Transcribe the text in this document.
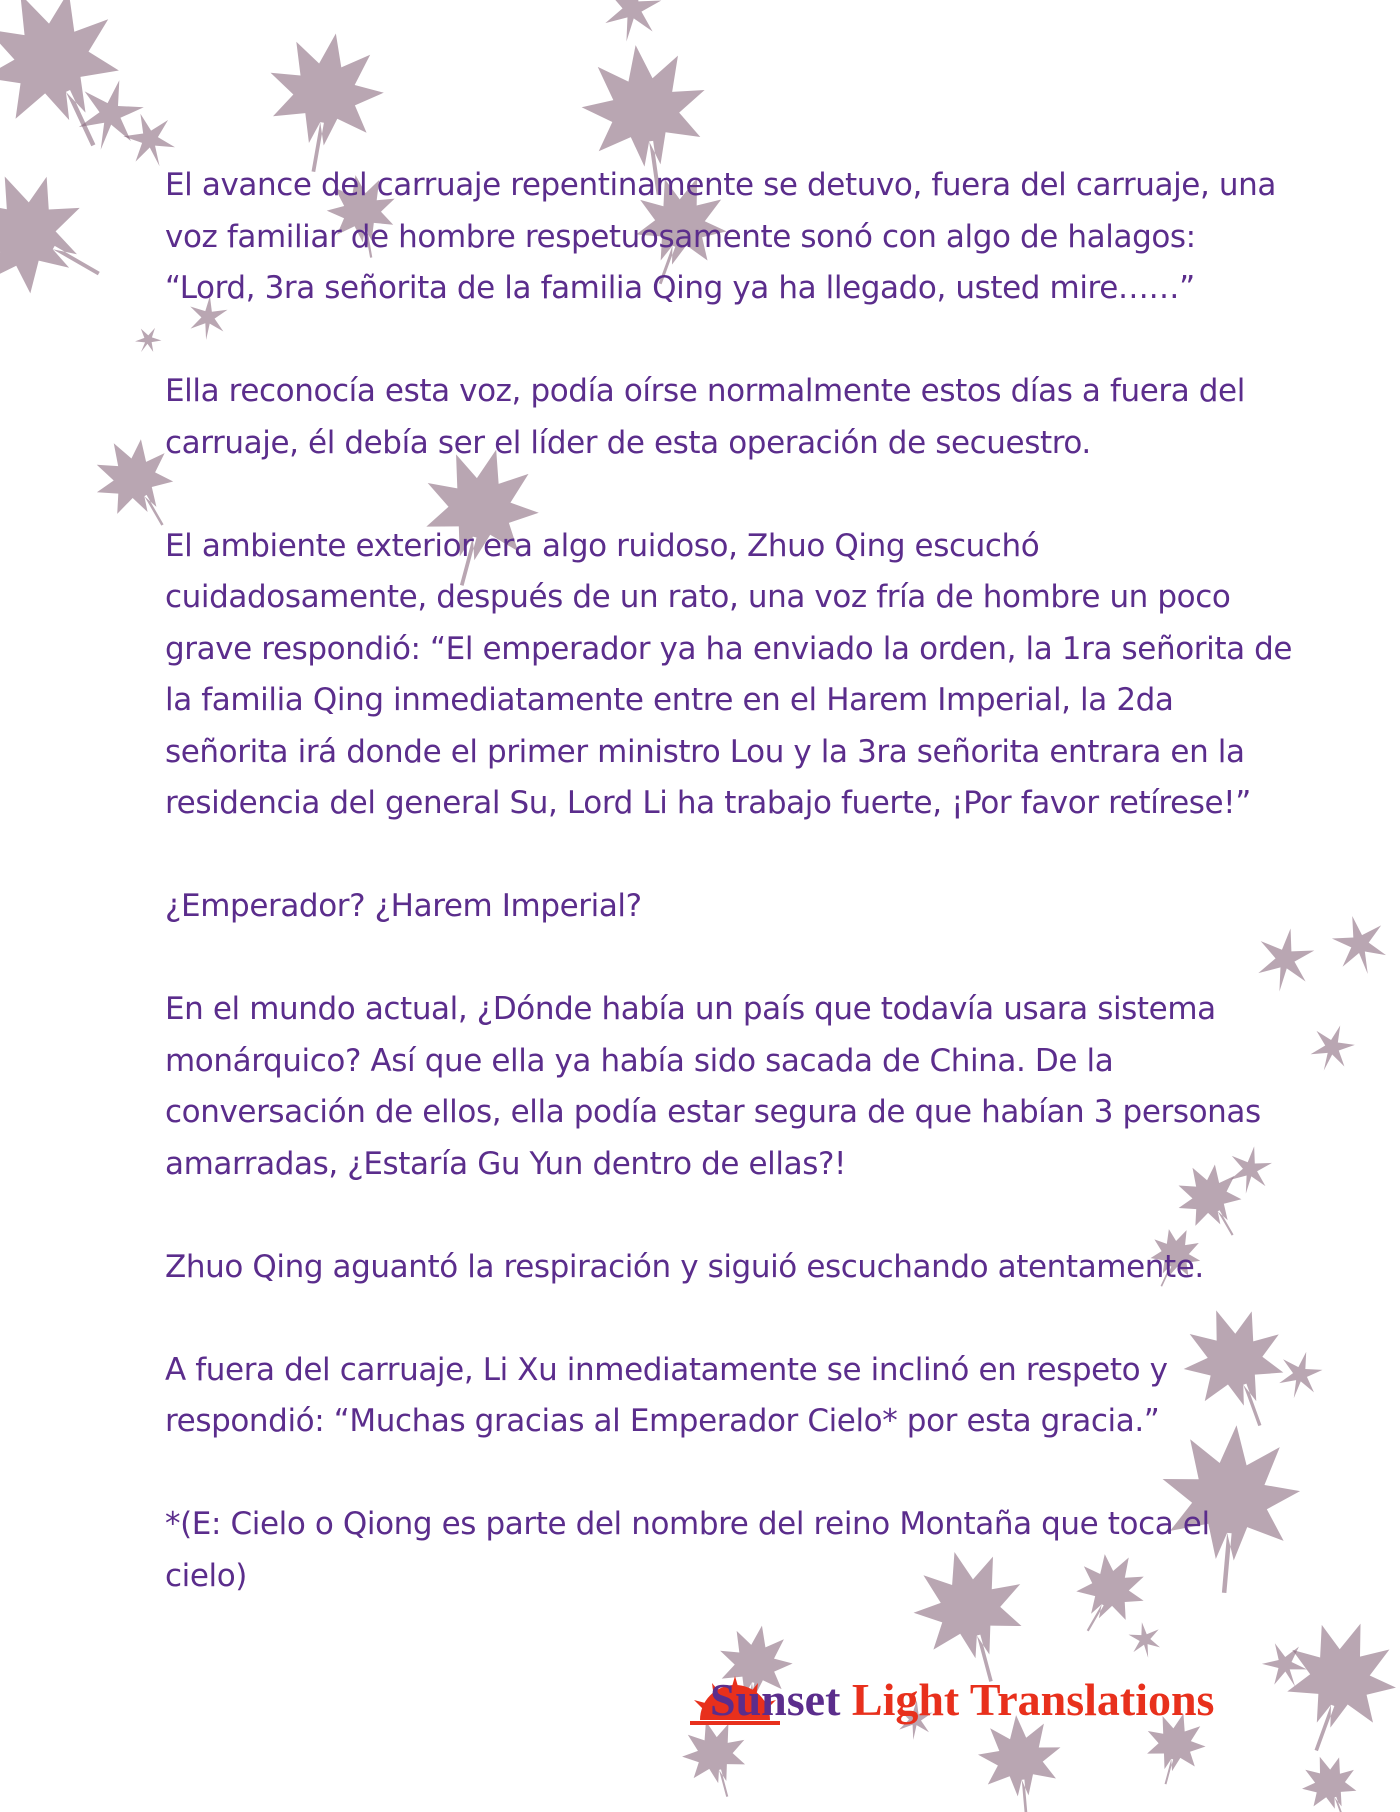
El avance del carruaje repentinamente se detuvo, fuera del carruaje, una voz familiar de hombre respetuosamente sonó con algo de halagos: “Lord, 3ra señorita de la familia Qing ya ha llegado, usted mire……”

Ella reconocía esta voz, podía oírse normalmente estos días a fuera del carruaje, él debía ser el líder de esta operación de secuestro.

El ambiente exterior era algo ruidoso, Zhuo Qing escuchó cuidadosamente, después de un rato, una voz fría de hombre un poco grave respondió: “El emperador ya ha enviado la orden, la 1ra señorita de la familia Qing inmediatamente entre en el Harem Imperial, la 2da señorita irá donde el primer ministro Lou y la 3ra señorita entrara en la residencia del general Su, Lord Li ha trabajo fuerte, ¡Por favor retírese!”

¿Emperador? ¿Harem Imperial?

En el mundo actual, ¿Dónde había un país que todavía usara sistema monárquico? Así que ella ya había sido sacada de China. De la conversación de ellos, ella podía estar segura de que habían 3 personas amarradas, ¿Estaría Gu Yun dentro de ellas?!

Zhuo Qing aguantó la respiración y siguió escuchando atentamente.

A fuera del carruaje, Li Xu inmediatamente se inclinó en respeto y respondió: “Muchas gracias al Emperador Cielo* por esta gracia.”

*(E: Cielo o Qiong es parte del nombre del reino Montaña que toca el cielo)

Sunset Light Translations
